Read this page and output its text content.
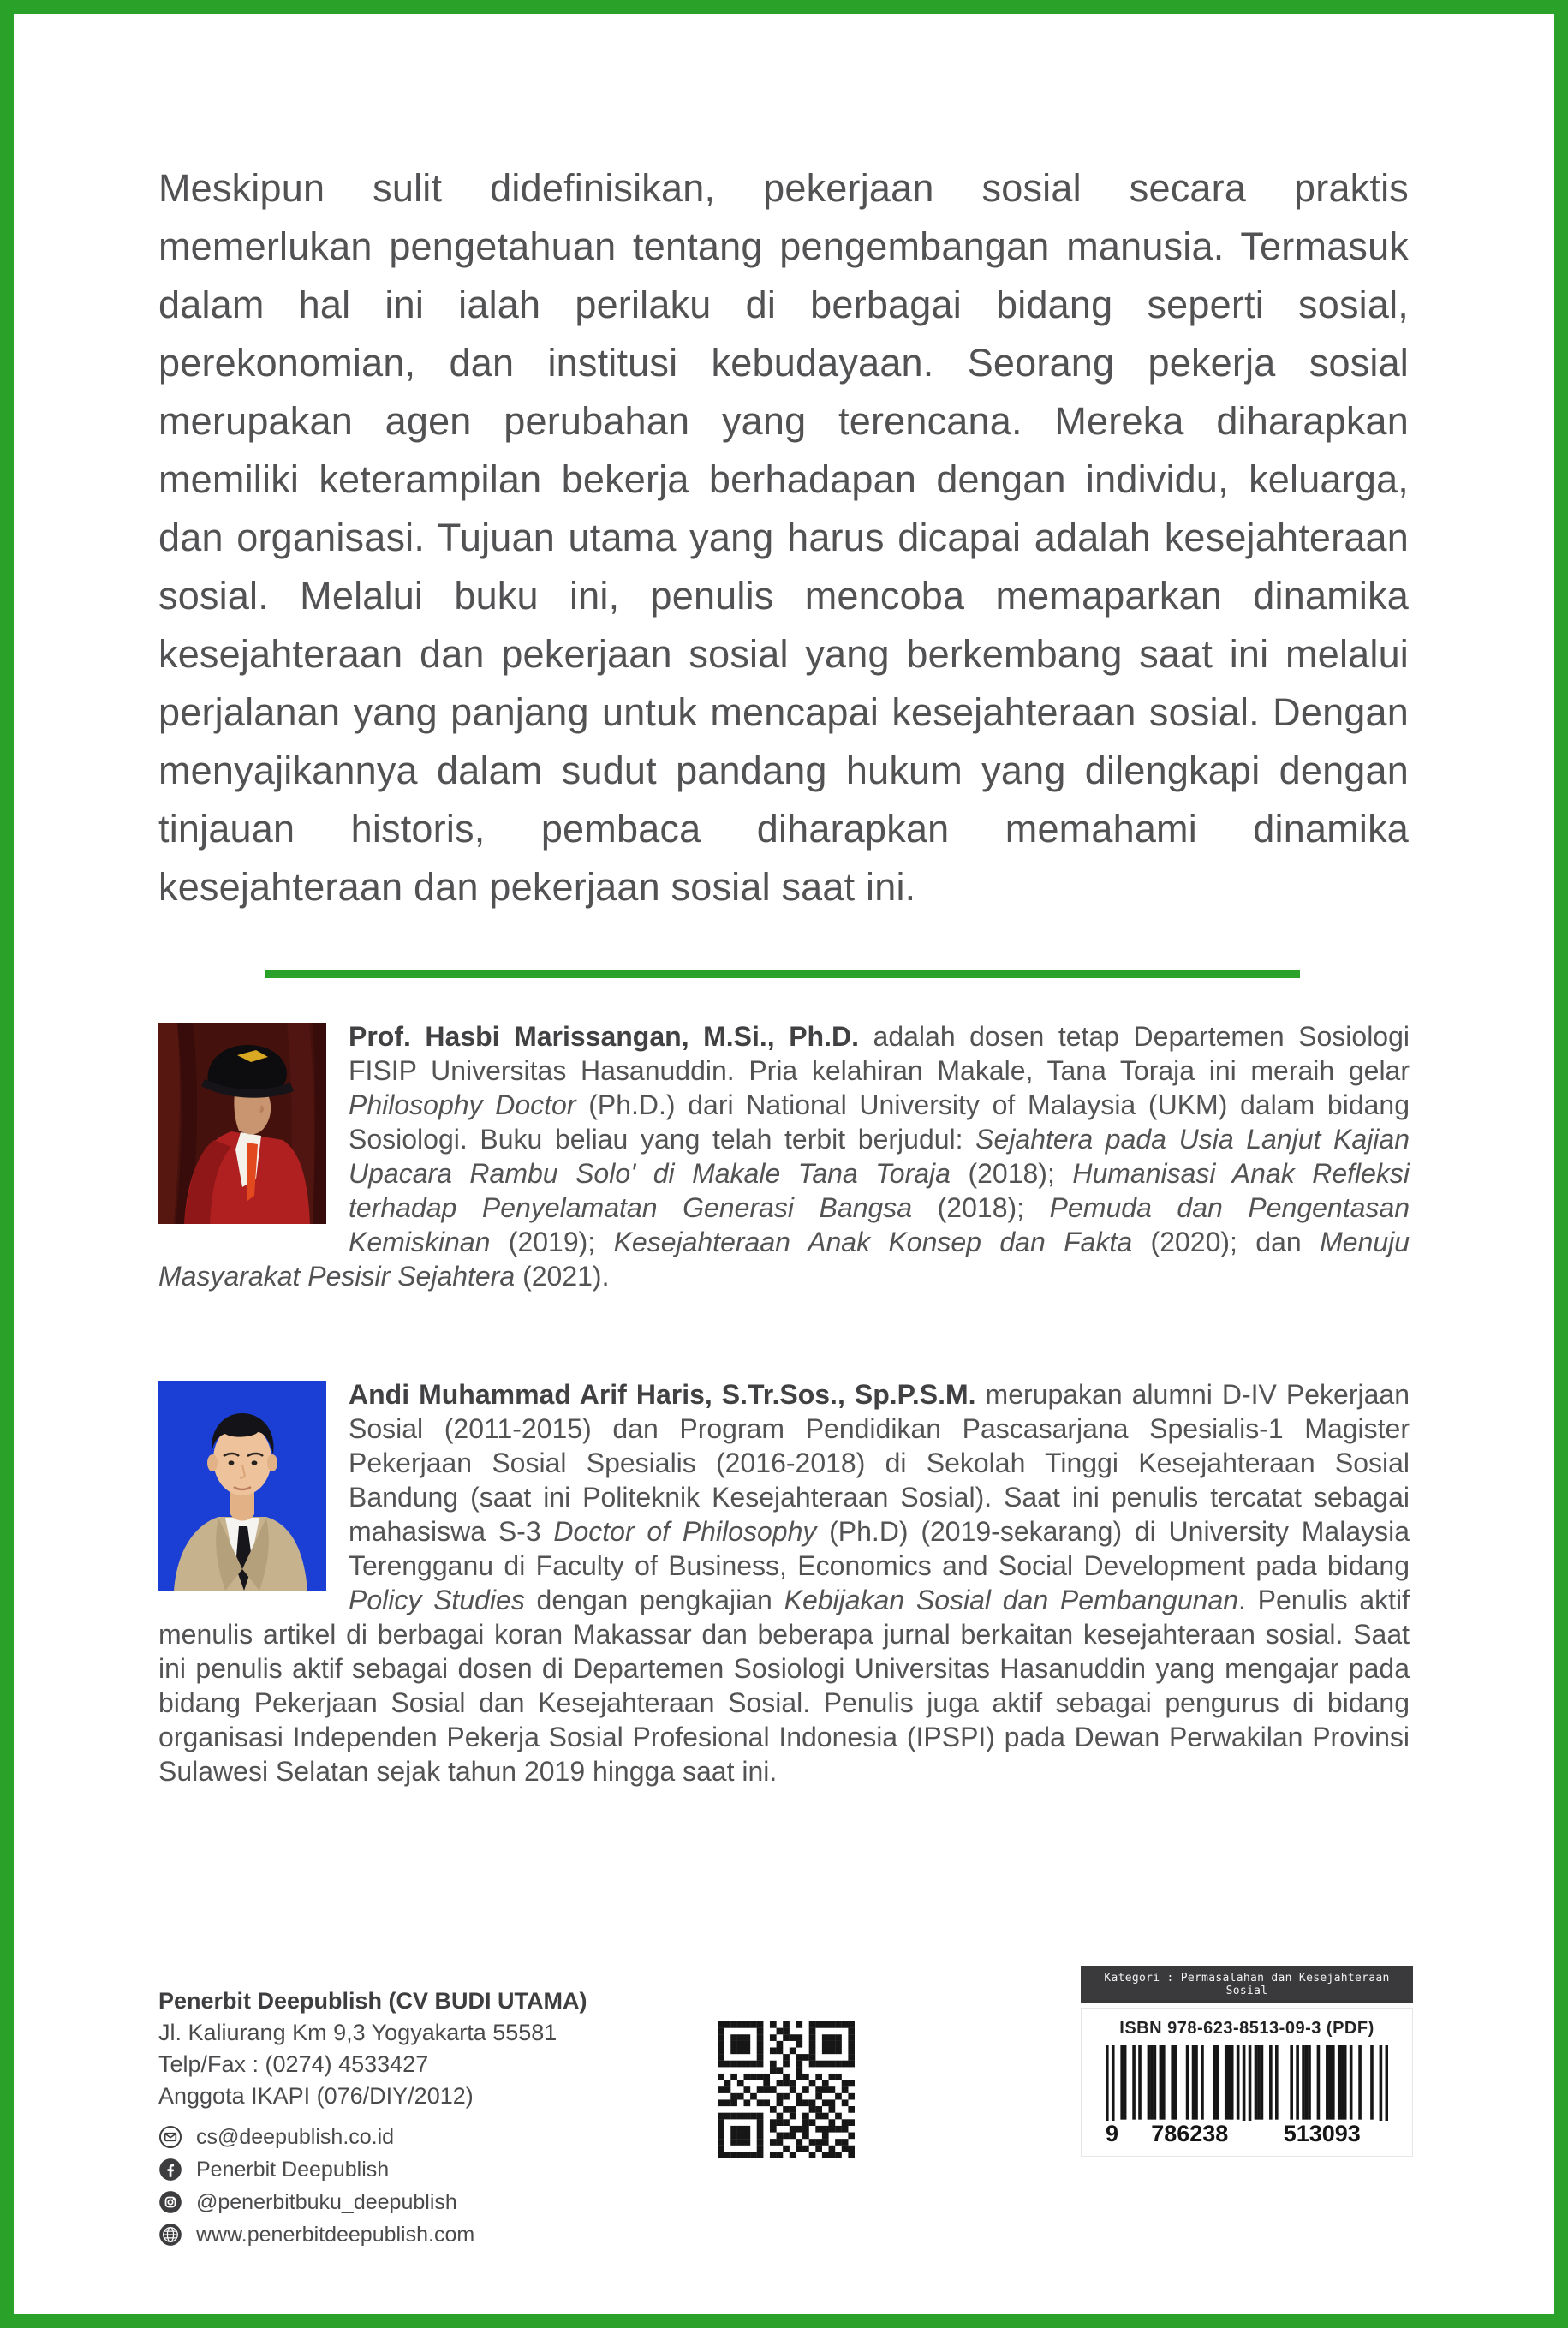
Meskipun sulit didefinisikan, pekerjaan sosial secara praktis memerlukan pengetahuan tentang pengembangan manusia. Termasuk dalam hal ini ialah perilaku di berbagai bidang seperti sosial, perekonomian, dan institusi kebudayaan. Seorang pekerja sosial merupakan agen perubahan yang terencana. Mereka diharapkan memiliki keterampilan bekerja berhadapan dengan individu, keluarga, dan organisasi. Tujuan utama yang harus dicapai adalah kesejahteraan sosial. Melalui buku ini, penulis mencoba memaparkan dinamika kesejahteraan dan pekerjaan sosial yang berkembang saat ini melalui perjalanan yang panjang untuk mencapai kesejahteraan sosial. Dengan menyajikannya dalam sudut pandang hukum yang dilengkapi dengan tinjauan historis, pembaca diharapkan memahami dinamika kesejahteraan dan pekerjaan sosial saat ini.

Prof. Hasbi Marissangan, M.Si., Ph.D. adalah dosen tetap Departemen Sosiologi FISIP Universitas Hasanuddin. Pria kelahiran Makale, Tana Toraja ini meraih gelar Philosophy Doctor (Ph.D.) dari National University of Malaysia (UKM) dalam bidang Sosiologi. Buku beliau yang telah terbit berjudul: Sejahtera pada Usia Lanjut Kajian Upacara Rambu Solo' di Makale Tana Toraja (2018); Humanisasi Anak Refleksi terhadap Penyelamatan Generasi Bangsa (2018); Pemuda dan Pengentasan Kemiskinan (2019); Kesejahteraan Anak Konsep dan Fakta (2020); dan Menuju Masyarakat Pesisir Sejahtera (2021).

Andi Muhammad Arif Haris, S.Tr.Sos., Sp.P.S.M. merupakan alumni D-IV Pekerjaan Sosial (2011-2015) dan Program Pendidikan Pascasarjana Spesialis-1 Magister Pekerjaan Sosial Spesialis (2016-2018) di Sekolah Tinggi Kesejahteraan Sosial Bandung (saat ini Politeknik Kesejahteraan Sosial). Saat ini penulis tercatat sebagai mahasiswa S-3 Doctor of Philosophy (Ph.D) (2019-sekarang) di University Malaysia Terengganu di Faculty of Business, Economics and Social Development pada bidang Policy Studies dengan pengkajian Kebijakan Sosial dan Pembangunan. Penulis aktif menulis artikel di berbagai koran Makassar dan beberapa jurnal berkaitan kesejahteraan sosial. Saat ini penulis aktif sebagai dosen di Departemen Sosiologi Universitas Hasanuddin yang mengajar pada bidang Pekerjaan Sosial dan Kesejahteraan Sosial. Penulis juga aktif sebagai pengurus di bidang organisasi Independen Pekerja Sosial Profesional Indonesia (IPSPI) pada Dewan Perwakilan Provinsi Sulawesi Selatan sejak tahun 2019 hingga saat ini.

Penerbit Deepublish (CV BUDI UTAMA)
Jl. Kaliurang Km 9,3 Yogyakarta 55581
Telp/Fax : (0274) 4533427
Anggota IKAPI (076/DIY/2012)
cs@deepublish.co.id
Penerbit Deepublish
@penerbitbuku_deepublish
www.penerbitdeepublish.com
Kategori : Permasalahan dan Kesejahteraan Sosial
ISBN 978-623-8513-09-3 (PDF)
9	786238	513093
